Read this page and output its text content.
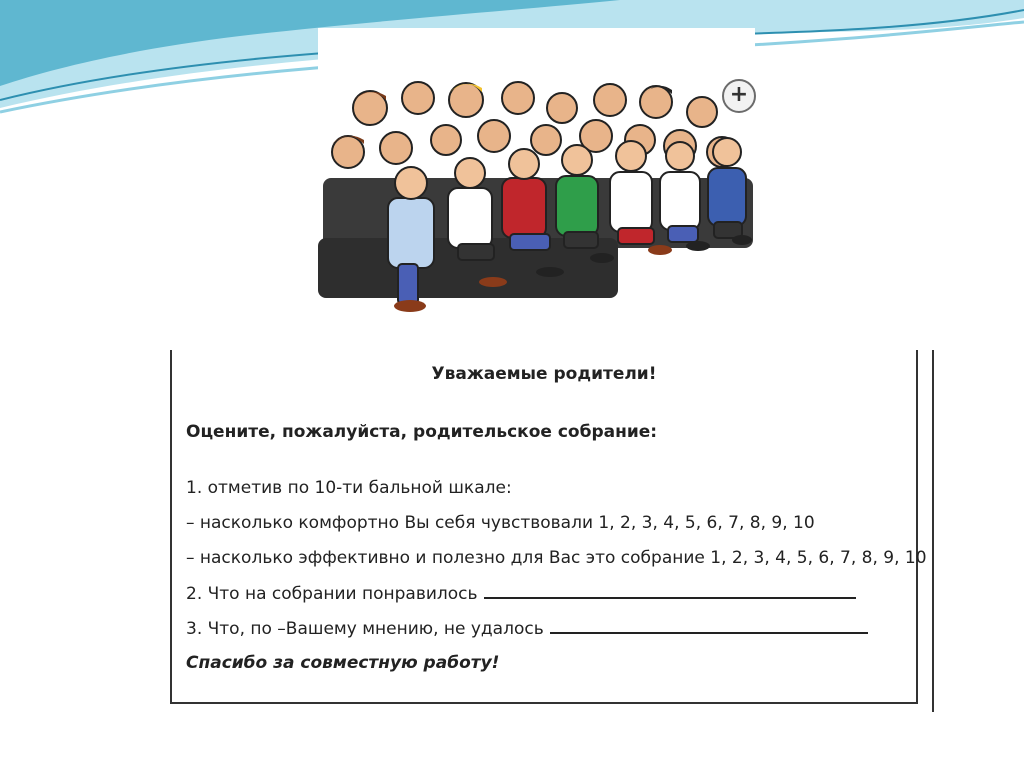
+
Уважаемые родители!
Оцените, пожалуйста, родительское собрание:
1. отметив по 10-ти бальной шкале:
– насколько комфортно Вы себя чувствовали 1, 2, 3, 4, 5, 6, 7, 8, 9, 10
– насколько эффективно и полезно для Вас это собрание 1, 2, 3, 4, 5, 6, 7, 8, 9, 10
2. Что на собрании понравилось
3. Что, по –Вашему мнению, не удалось
Спасибо за совместную работу!
